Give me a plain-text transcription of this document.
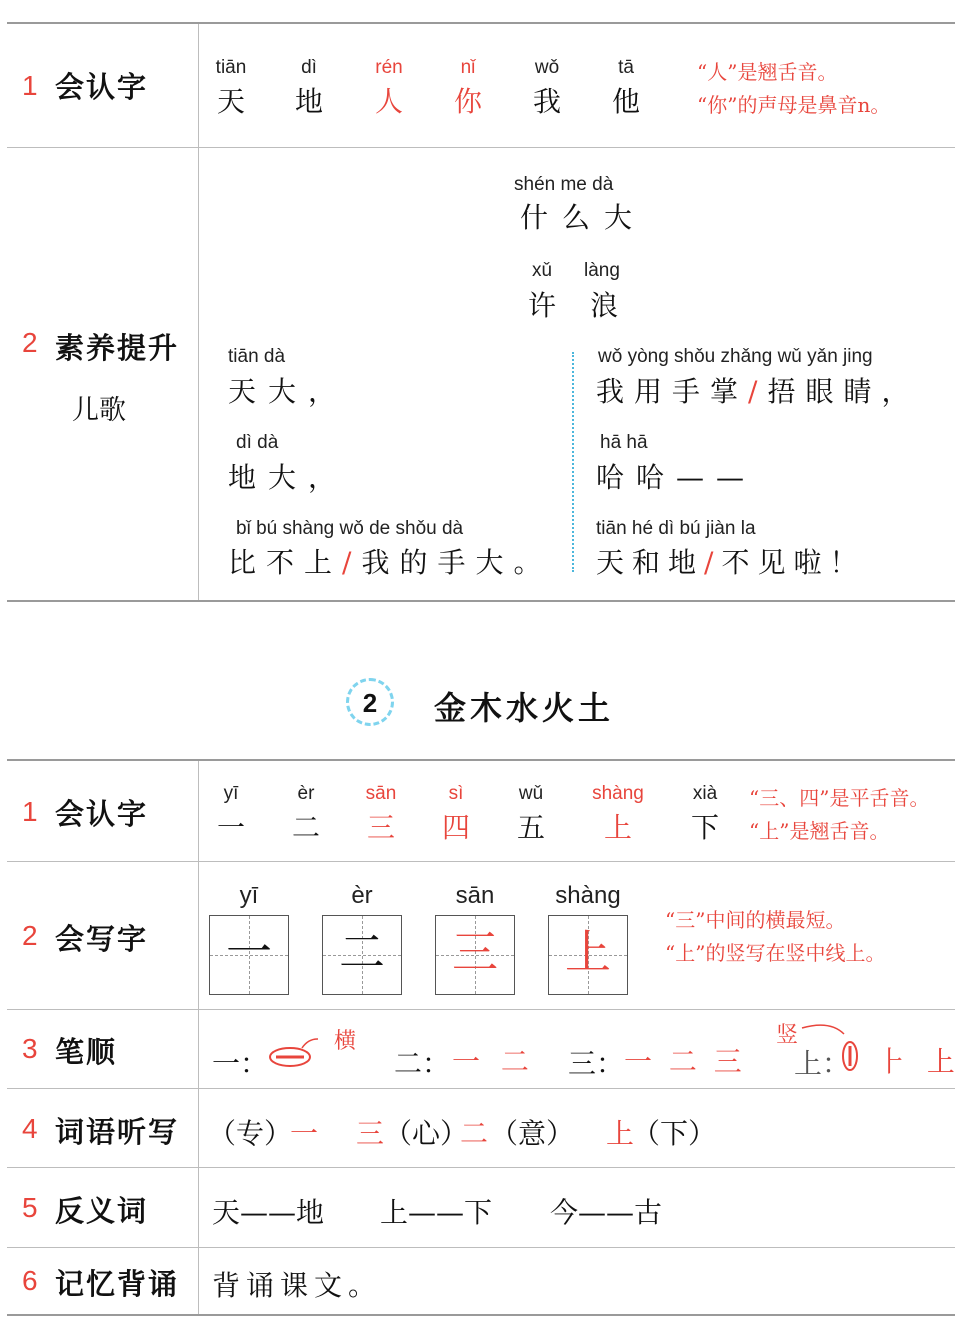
1 会认字
tiān
天
dì
地
rén
人
nǐ
你
wǒ
我
tā
他
“人”是翘舌音。
“你”的声母是鼻音n。
2 素养提升
儿歌
shén me dà
什么大
xǔ làng
许 浪
tiān dà
天大，
dì dà
地大，
bǐ bú shàng wǒ de shǒu dà
比不上/我的手大。
wǒ yòng shǒu zhǎng wǔ yǎn jing
我用手掌/捂眼睛，
hā hā
哈哈——
tiān hé dì bú jiàn la
天和地/不见啦！
2	金木水火土
1 会认字
yī
一
èr
二
sān
三
sì
四
wǔ
五
shàng
上
xià
下
“三、四”是平舌音。
“上”是翘舌音。
2 会写字
yī
一
èr
二
sān
三
shàng
上
“三”中间的横最短。
“上”的竖写在竖中线上。
3 笔顺	一：
横
二： 一 二 三： 一 二 三
竖
上： ⺊ 上
4 词语听写 （专）
一 三 （心）
二 （意） 上
（下）
5 反义词 天——地 上——下 今——古
6 记忆背诵 背诵课文。
